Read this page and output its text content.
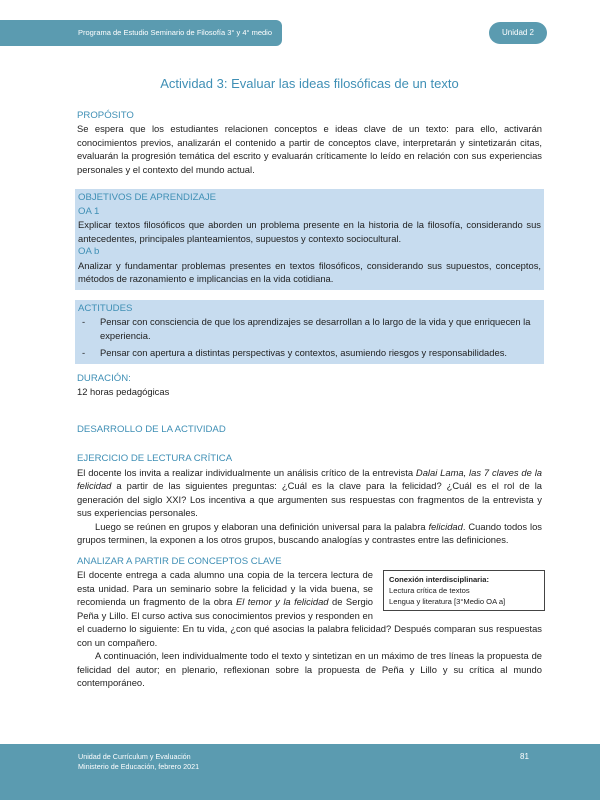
Programa de Estudio Seminario de Filosofía 3° y 4° medio	Unidad 2
Actividad 3: Evaluar las ideas filosóficas de un texto
PROPÓSITO

Se espera que los estudiantes relacionen conceptos e ideas clave de un texto: para ello, activarán conocimientos previos, analizarán el contenido a partir de conceptos clave, interpretarán y sintetizarán citas, evaluarán la progresión temática del escrito y evaluarán críticamente lo leído en relación con sus experiencias personales y el contexto del mundo actual.

OBJETIVOS DE APRENDIZAJE
OA 1

Explicar textos filosóficos que aborden un problema presente en la historia de la filosofía, considerando sus antecedentes, principales planteamientos, supuestos y contexto sociocultural.

OA b

Analizar y fundamentar problemas presentes en textos filosóficos, considerando sus supuestos, conceptos, métodos de razonamiento e implicancias en la vida cotidiana.

ACTITUDES
- Pensar con consciencia de que los aprendizajes se desarrollan a lo largo de la vida y que enriquecen la experiencia.
- Pensar con apertura a distintas perspectivas y contextos, asumiendo riesgos y responsabilidades.
DURACIÓN:
12 horas pedagógicas
DESARROLLO DE LA ACTIVIDAD
EJERCICIO DE LECTURA CRÍTICA

El docente los invita a realizar individualmente un análisis crítico de la entrevista Dalai Lama, las 7 claves de la felicidad a partir de las siguientes preguntas: ¿Cuál es la clave para la felicidad? ¿Cuál es el rol de la generación del siglo XXI? Los incentiva a que argumenten sus respuestas con fragmentos de la entrevista y sus experiencias personales.

Luego se reúnen en grupos y elaboran una definición universal para la palabra felicidad. Cuando todos los grupos terminen, la exponen a los otros grupos, buscando analogías y contrastes entre las definiciones.

ANALIZAR A PARTIR DE CONCEPTOS CLAVE
Conexión interdisciplinaria:
Lectura crítica de textos
Lengua y literatura [3°Medio OA a]

El docente entrega a cada alumno una copia de la tercera lectura de esta unidad. Para un seminario sobre la felicidad y la vida buena, se recomienda un fragmento de la obra El temor y la felicidad de Sergio Peña y Lillo. El curso activa sus conocimientos previos y responden en el cuaderno lo siguiente: En tu vida, ¿con qué asocias la palabra felicidad? Después comparan sus respuestas con un compañero.

A continuación, leen individualmente todo el texto y sintetizan en un máximo de tres líneas la propuesta de felicidad del autor; en plenario, reflexionan sobre la propuesta de Peña y Lillo y su crítica al mundo contemporáneo.

Unidad de Currículum y Evaluación
Ministerio de Educación, febrero 2021
81
